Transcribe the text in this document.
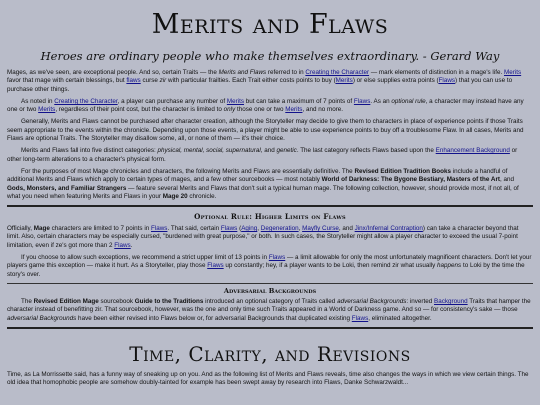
Merits and Flaws
Heroes are ordinary people who make themselves extraordinary. - Gerard Way

Mages, as we've seen, are exceptional people. And so, certain Traits — the Merits and Flaws referred to in Creating the Character — mark elements of distinction in a mage's life. Merits favor that mage with certain blessings, but flaws curse zir with particular frailties. Each Trait either costs points to buy (Merits) or else supplies extra points (Flaws) that you can use to purchase other things.

As noted in Creating the Character, a player can purchase any number of Merits but can take a maximum of 7 points of Flaws. As an optional rule, a character may instead have any one or two Merits, regardless of their point cost, but the character is limited to only those one or two Merits, and no more.

Generally, Merits and Flaws cannot be purchased after character creation, although the Storyteller may decide to give them to characters in place of experience points if those Traits seem appropriate to the events within the chronicle. Depending upon those events, a player might be able to use experience points to buy off a troublesome Flaw. In all cases, Merits and Flaws are optional Traits. The Storyteller may disallow some, all, or none of them — it's their choice.

Merits and Flaws fall into five distinct categories: physical, mental, social, supernatural, and genetic. The last category reflects Flaws based upon the Enhancement Background or other long-term alterations to a character's physical form.

For the purposes of most Mage chronicles and characters, the following Merits and Flaws are essentially definitive. The Revised Edition Tradition Books include a handful of additional Merits and Flaws which apply to certain types of mages, and a few other sourcebooks — most notably World of Darkness: The Bygone Bestiary, Masters of the Art, and Gods, Monsters, and Familiar Strangers — feature several Merits and Flaws that don't suit a typical human mage. The following collection, however, should provide most, if not all, of what you need when featuring Merits and Flaws in your Mage 20 chronicle.

Optional Rule: Higher Limits on Flaws

Officially, Mage characters are limited to 7 points in Flaws. That said, certain Flaws (Aging, Degeneration, Mayfly Curse, and Jinx/Infernal Contraption) can take a character beyond that limit. Also, certain characters may be especially cursed, "burdened with great purpose," or both. In such cases, the Storyteller might allow a player character to exceed the usual 7-point limitation, even if ze's got more than 2 Flaws.

If you choose to allow such exceptions, we recommend a strict upper limit of 13 points in Flaws — a limit allowable for only the most unfortunately magnificent characters. Don't let your players game this exception — make it hurt. As a Storyteller, play those Flaws up constantly; hey, if a player wants to be Loki, then remind zir what usually happens to Loki by the time the story's over.

Adversarial Backgrounds

The Revised Edition Mage sourcebook Guide to the Traditions introduced an optional category of Traits called adversarial Backgrounds: inverted Background Traits that hamper the character instead of benefitting zir. That sourcebook, however, was the one and only time such Traits appeared in a World of Darkness game. And so — for consistency's sake — those adversarial Backgrounds have been either revised into Flaws below or, for adversarial Backgrounds that duplicated existing Flaws, eliminated altogether.

Time, Clarity, and Revisions

Time, as La Morrissette said, has a funny way of sneaking up on you. And as the following list of Merits and Flaws reveals, time also changes the ways in which we view certain things. The old idea that homophobic people are somehow doubly-tainted for example has been swept away by research into Flaws, Danke Schwarzwaldt...
